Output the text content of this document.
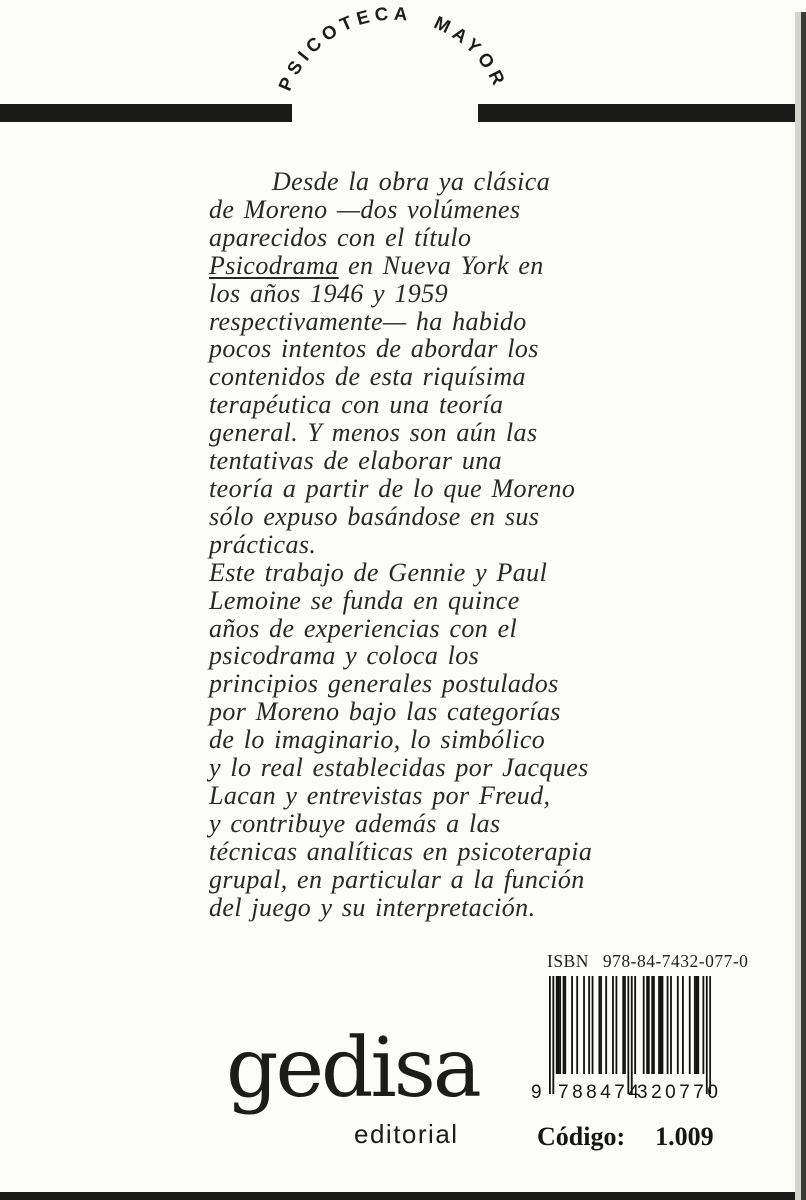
PSICOTECA MAYOR
Desde la obra ya clásica
de Moreno —dos volúmenes
aparecidos con el título
Psicodrama en Nueva York en
los años 1946 y 1959
respectivamente— ha habido
pocos intentos de abordar los
contenidos de esta riquísima
terapéutica con una teoría
general. Y menos son aún las
tentativas de elaborar una
teoría a partir de lo que Moreno
sólo expuso basándose en sus
prácticas.
Este trabajo de Gennie y Paul
Lemoine se funda en quince
años de experiencias con el
psicodrama y coloca los
principios generales postulados
por Moreno bajo las categorías
de lo imaginario, lo simbólico
y lo real establecidas por Jacques
Lacan y entrevistas por Freud,
y contribuye además a las
técnicas analíticas en psicoterapia
grupal, en particular a la función
del juego y su interpretación.
ISBN 978-84-7432-077-0
9 788474
320770
gedisa
editorial	Código: 1.009
